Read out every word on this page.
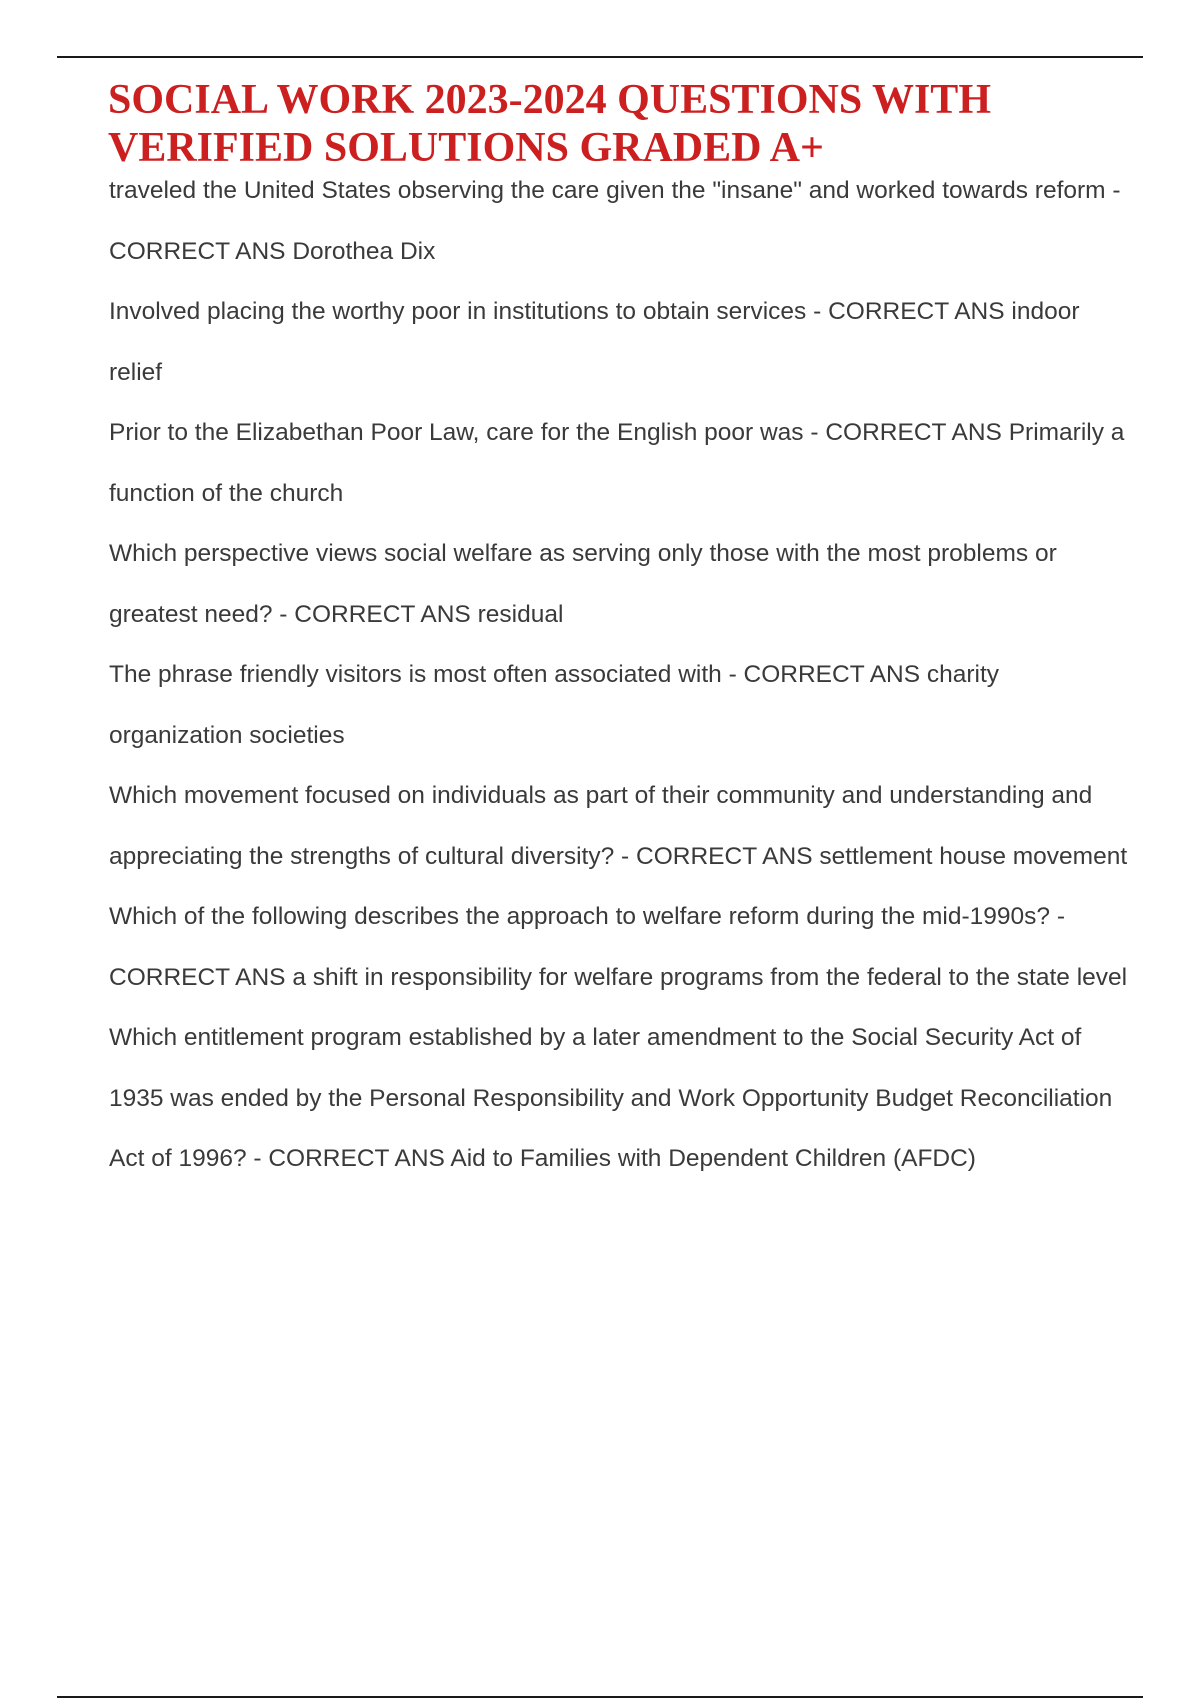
SOCIAL WORK 2023-2024 QUESTIONS WITH VERIFIED SOLUTIONS GRADED A+
traveled the United States observing the care given the "insane" and worked towards reform - CORRECT ANS Dorothea Dix
Involved placing the worthy poor in institutions to obtain services - CORRECT ANS indoor relief
Prior to the Elizabethan Poor Law, care for the English poor was - CORRECT ANS Primarily a function of the church
Which perspective views social welfare as serving only those with the most problems or greatest need? - CORRECT ANS residual
The phrase friendly visitors is most often associated with - CORRECT ANS charity organization societies
Which movement focused on individuals as part of their community and understanding and appreciating the strengths of cultural diversity? - CORRECT ANS settlement house movement
Which of the following describes the approach to welfare reform during the mid-1990s? - CORRECT ANS a shift in responsibility for welfare programs from the federal to the state level
Which entitlement program established by a later amendment to the Social Security Act of 1935 was ended by the Personal Responsibility and Work Opportunity Budget Reconciliation Act of 1996? - CORRECT ANS Aid to Families with Dependent Children (AFDC)
